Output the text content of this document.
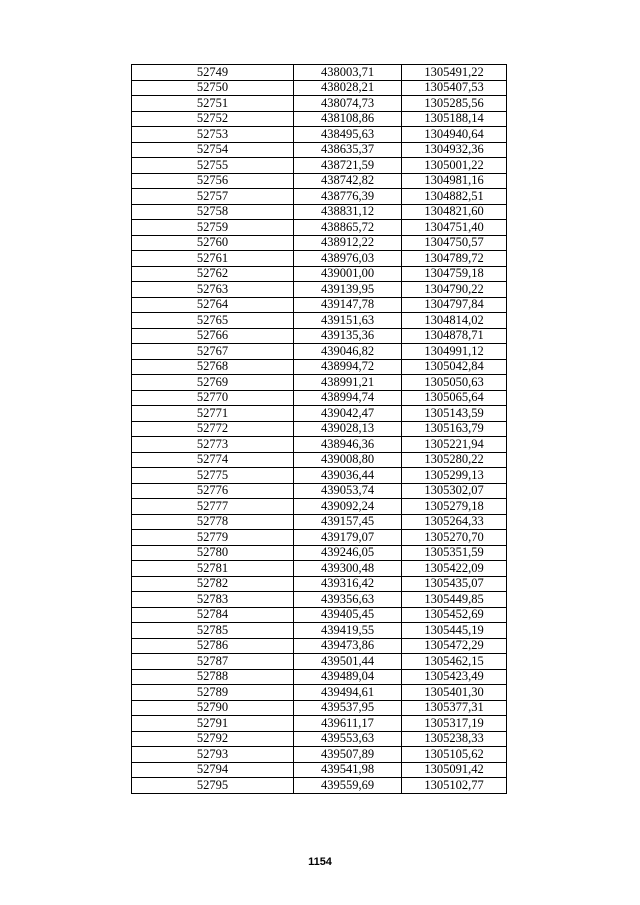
52749	438003,71	1305491,22
52750	438028,21	1305407,53
52751	438074,73	1305285,56
52752	438108,86	1305188,14
52753	438495,63	1304940,64
52754	438635,37	1304932,36
52755	438721,59	1305001,22
52756	438742,82	1304981,16
52757	438776,39	1304882,51
52758	438831,12	1304821,60
52759	438865,72	1304751,40
52760	438912,22	1304750,57
52761	438976,03	1304789,72
52762	439001,00	1304759,18
52763	439139,95	1304790,22
52764	439147,78	1304797,84
52765	439151,63	1304814,02
52766	439135,36	1304878,71
52767	439046,82	1304991,12
52768	438994,72	1305042,84
52769	438991,21	1305050,63
52770	438994,74	1305065,64
52771	439042,47	1305143,59
52772	439028,13	1305163,79
52773	438946,36	1305221,94
52774	439008,80	1305280,22
52775	439036,44	1305299,13
52776	439053,74	1305302,07
52777	439092,24	1305279,18
52778	439157,45	1305264,33
52779	439179,07	1305270,70
52780	439246,05	1305351,59
52781	439300,48	1305422,09
52782	439316,42	1305435,07
52783	439356,63	1305449,85
52784	439405,45	1305452,69
52785	439419,55	1305445,19
52786	439473,86	1305472,29
52787	439501,44	1305462,15
52788	439489,04	1305423,49
52789	439494,61	1305401,30
52790	439537,95	1305377,31
52791	439611,17	1305317,19
52792	439553,63	1305238,33
52793	439507,89	1305105,62
52794	439541,98	1305091,42
52795	439559,69	1305102,77
1154
